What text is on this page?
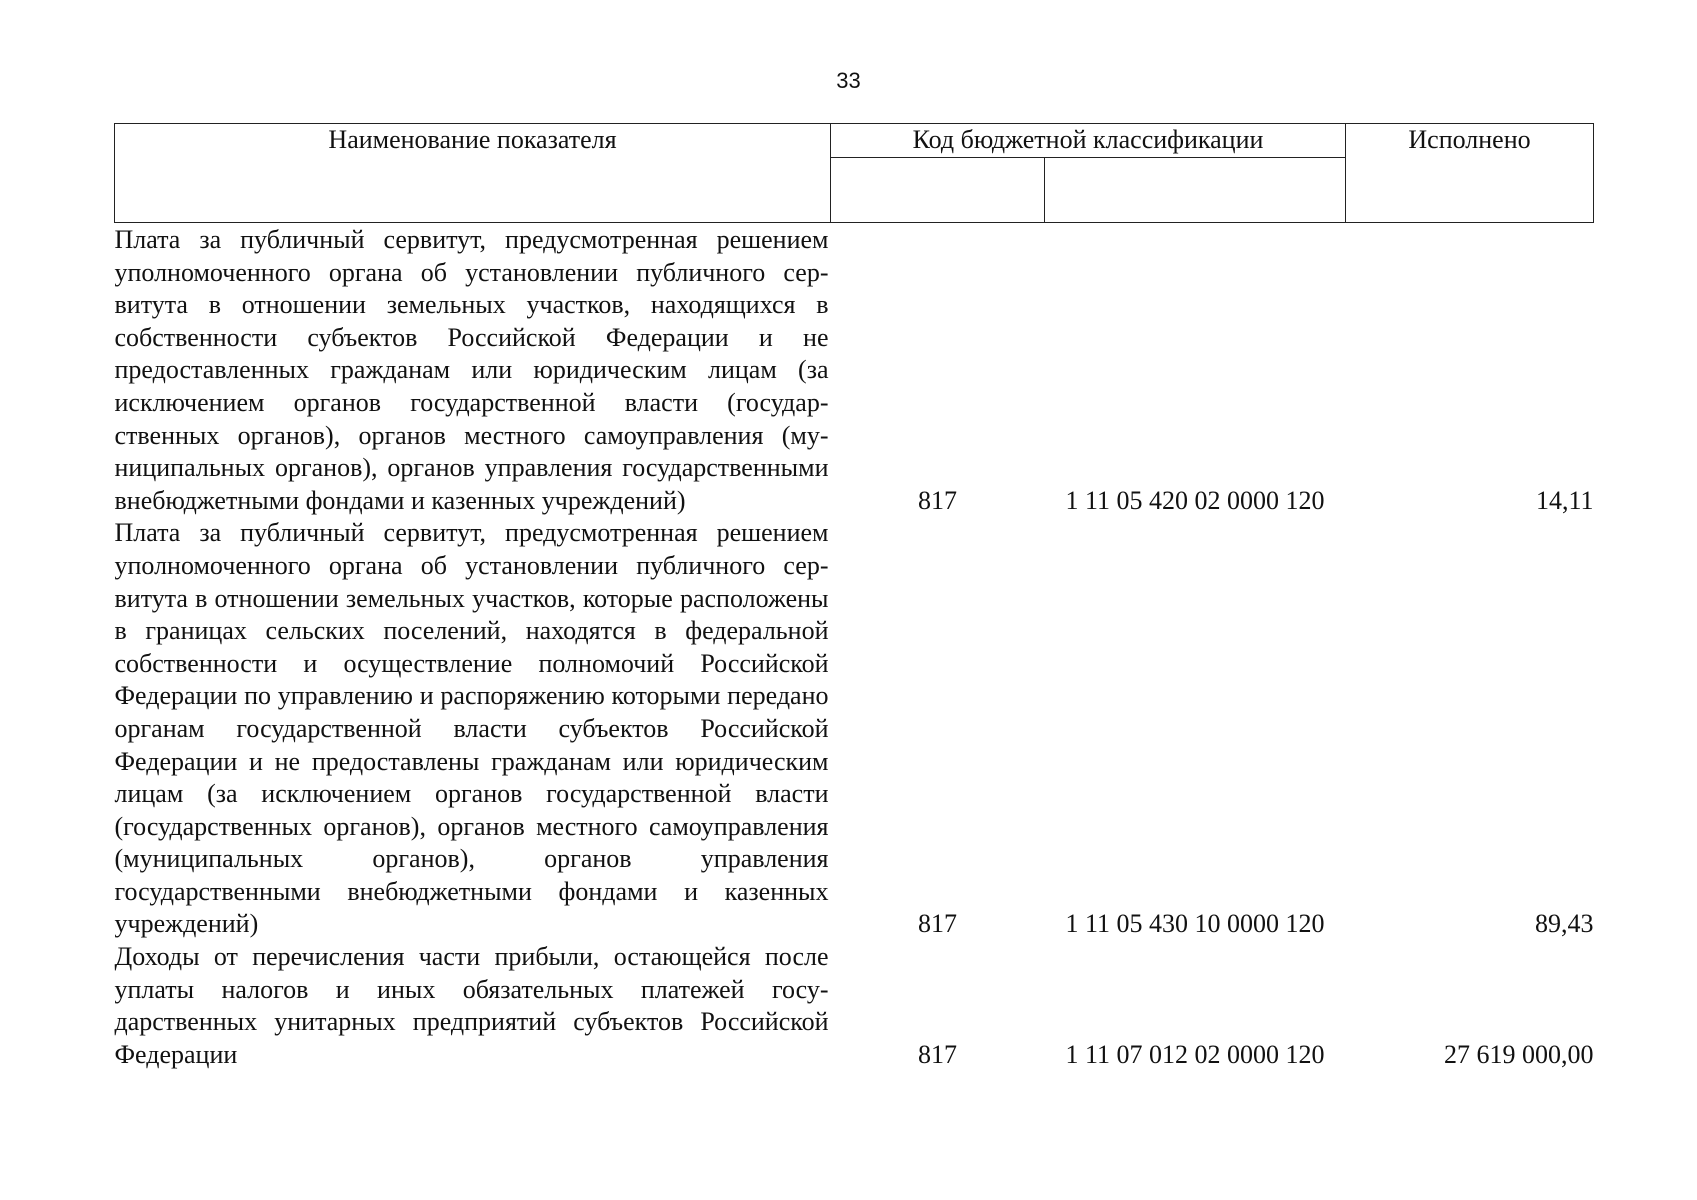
33
Наименование показателя	Код бюджетной классификации		Исполнено

Плата за публичный сервитут, предусмотренная решением уполномоченного органа об установлении публичного сервитута в отношении земельных участков, находящихся в собственности субъектов Российской Федерации и не предоставленных гражданам или юридическим лицам (за исключением органов государственной власти (государственных органов), органов местного самоуправления (муниципальных органов), органов управления государственными внебюджетными фондами и казенных учреждений)	817	1 11 05 420 02 0000 120	14,11
Плата за публичный сервитут, предусмотренная решением уполномоченного органа об установлении публичного сервитута в отношении земельных участков, которые расположены в границах сельских поселений, находятся в федеральной собственности и осуществление полномочий Российской Федерации по управлению и распоряжению которыми передано органам государственной власти субъектов Российской Федерации и не предоставлены гражданам или юридическим лицам (за исключением органов государственной власти (государственных органов), органов местного самоуправления (муниципальных органов), органов управления государственными внебюджетными фондами и казенных учреждений)	817	1 11 05 430 10 0000 120	89,43
Доходы от перечисления части прибыли, остающейся после уплаты налогов и иных обязательных платежей государственных унитарных предприятий субъектов Российской Федерации	817	1 11 07 012 02 0000 120	27 619 000,00
